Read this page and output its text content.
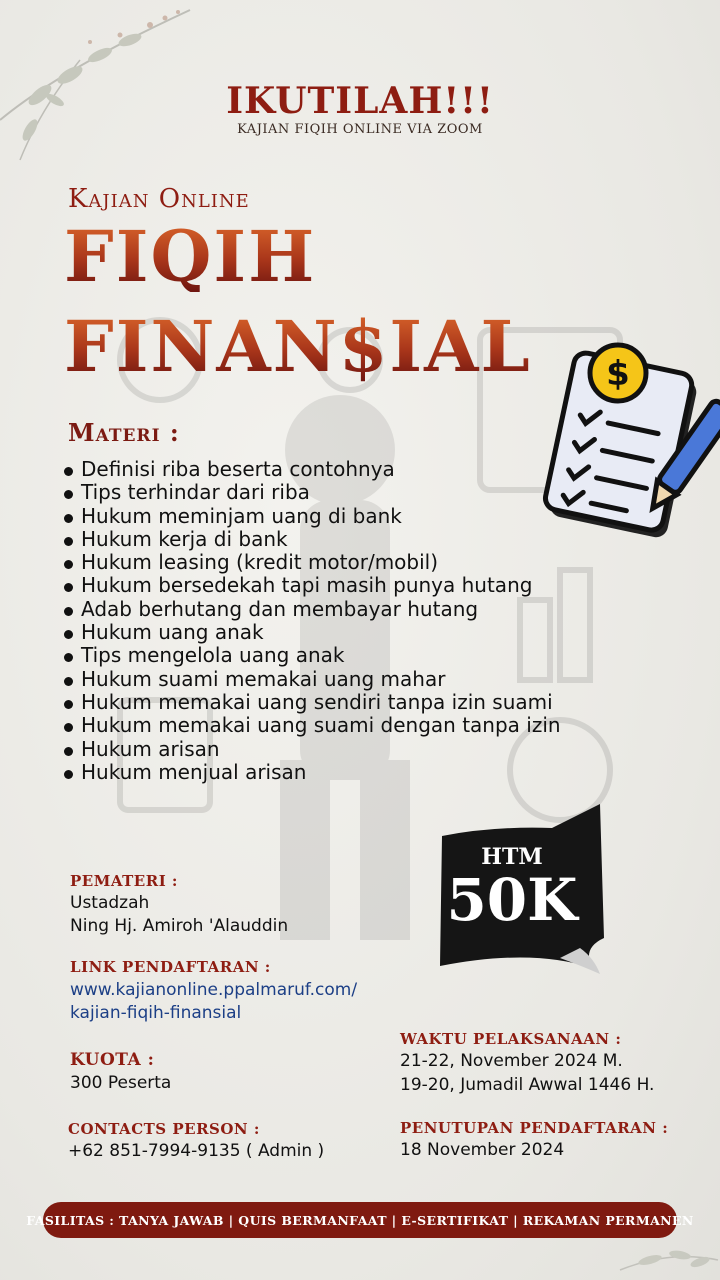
IKUTILAH!!!
KAJIAN FIQIH ONLINE VIA ZOOM
Kajian Online
FIQIH
FINAN$IAL $
Materi :
Definisi riba beserta contohnya
Tips terhindar dari riba
Hukum meminjam uang di bank
Hukum kerja di bank
Hukum leasing (kredit motor/mobil)
Hukum bersedekah tapi masih punya hutang
Adab berhutang dan membayar hutang
Hukum uang anak
Tips mengelola uang anak
Hukum suami memakai uang mahar
Hukum memakai uang sendiri tanpa izin suami
Hukum memakai uang suami dengan tanpa izin
Hukum arisan
Hukum menjual arisan
HTM
50K
PEMATERI :
Ustadzah
Ning Hj. Amiroh 'Alauddin
LINK PENDAFTARAN :
www.kajianonline.ppalmaruf.com/
kajian-fiqih-finansial
KUOTA :
300 Peserta
CONTACTS PERSON :
+62 851-7994-9135 ( Admin )
WAKTU PELAKSANAAN :
21-22, November 2024 M.
19-20, Jumadil Awwal 1446 H.
PENUTUPAN PENDAFTARAN :
18 November 2024
FASILITAS : TANYA JAWAB | QUIS BERMANFAAT | E-SERTIFIKAT | REKAMAN PERMANEN
